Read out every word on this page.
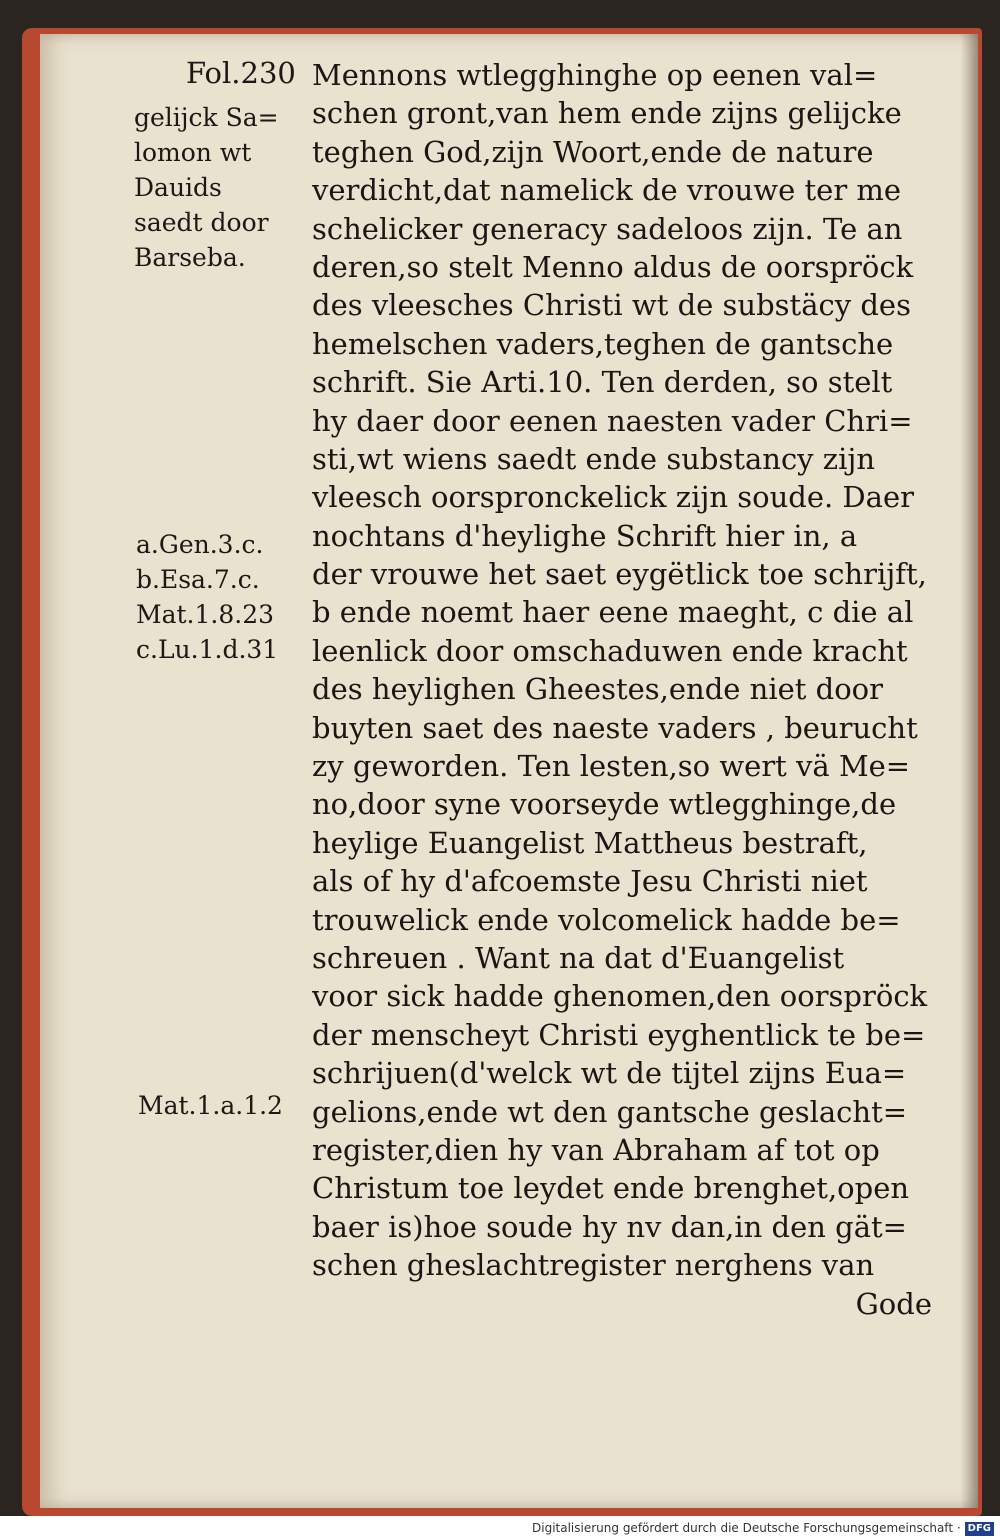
Fol.230
gelijck Sa=
lomon wt
Dauids
saedt door
Barseba.
a.Gen.3.c.
b.Esa.7.c.
Mat.1.8.23
c.Lu.1.d.31
Mat.1.a.1.2
Mennons wtlegghinghe op eenen val=
schen gront,van hem ende zijns gelijcke
teghen God,zijn Woort,ende de nature
verdicht,dat namelick de vrouwe ter me
schelicker generacy sadeloos zijn. Te an
deren,so stelt Menno aldus de oorspröck
des vleesches Christi wt de substäcy des
hemelschen vaders,teghen de gantsche
schrift. Sie Arti.10. Ten derden, so stelt
hy daer door eenen naesten vader Chri=
sti,wt wiens saedt ende substancy zijn
vleesch oorspronckelick zijn soude. Daer
nochtans d'heylighe Schrift hier in, a
der vrouwe het saet eygëtlick toe schrijft,
b ende noemt haer eene maeght, c die al
leenlick door omschaduwen ende kracht
des heylighen Gheestes,ende niet door
buyten saet des naeste vaders , beurucht
zy geworden. Ten lesten,so wert vä Me=
no,door syne voorseyde wtlegghinge,de
heylige Euangelist Mattheus bestraft,
als of hy d'afcoemste Jesu Christi niet
trouwelick ende volcomelick hadde be=
schreuen . Want na dat d'Euangelist
voor sick hadde ghenomen,den oorspröck
der menscheyt Christi eyghentlick te be=
schrijuen(d'welck wt de tijtel zijns Eua=
gelions,ende wt den gantsche geslacht=
register,dien hy van Abraham af tot op
Christum toe leydet ende brenghet,open
baer is)hoe soude hy nv dan,in den gät=
schen gheslachtregister nerghens van
Gode
Digitalisierung gefördert durch die Deutsche Forschungsgemeinschaft · DFG
